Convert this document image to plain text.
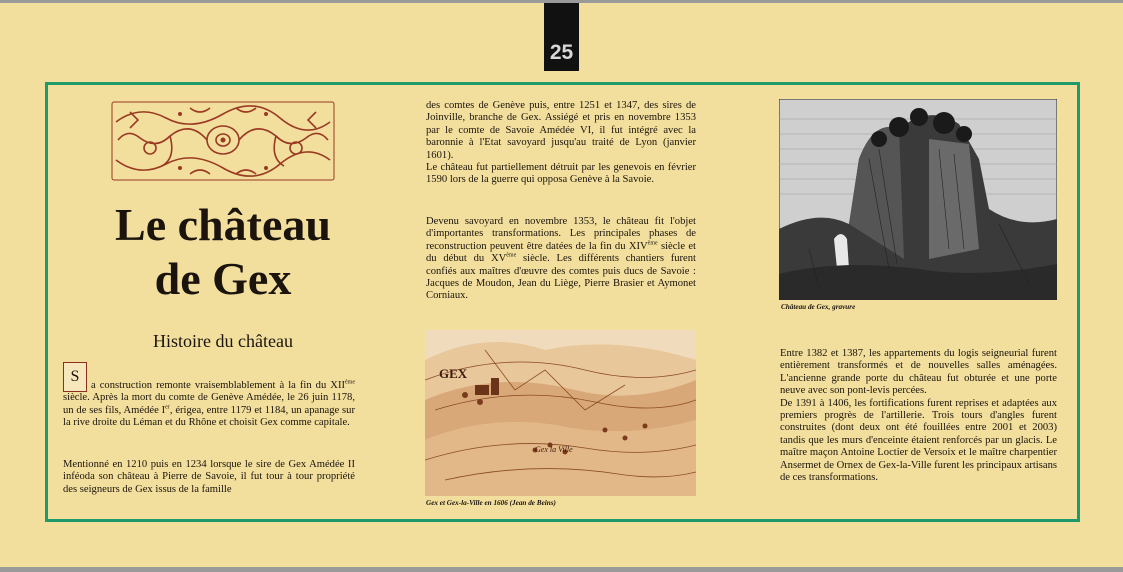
25
Le château
de Gex
Histoire du château
S
a construction remonte vraisemblablement à la fin du XIIème siècle. Après la mort du comte de Genève Amédée, le 26 juin 1178, un de ses fils, Amédée Ier, érigea, entre 1179 et 1184, un apanage sur la rive droite du Léman et du Rhône et choisit Gex comme capitale.

Mentionné en 1210 puis en 1234 lorsque le sire de Gex Amédée II inféoda son château à Pierre de Savoie, il fut tour à tour propriété des seigneurs de Gex issus de la famille

des comtes de Genève puis, entre 1251 et 1347, des sires de Joinville, branche de Gex. Assiégé et pris en novembre 1353 par le comte de Savoie Amédée VI, il fut intégré avec la baronnie à l'Etat savoyard jusqu'au traité de Lyon (janvier 1601).

Le château fut partiellement détruit par les genevois en février 1590 lors de la guerre qui opposa Genève à la Savoie.

Devenu savoyard en novembre 1353, le château fit l'objet d'importantes transformations. Les principales phases de reconstruction peuvent être datées de la fin du XIVème siècle et du début du XVème siècle. Les différents chantiers furent confiés aux maîtres d'œuvre des comtes puis ducs de Savoie : Jacques de Moudon, Jean du Liège, Pierre Brasier et Aymonet Corniaux.

Château de Gex, gravure

GEX
Gex la Ville

Gex et Gex-la-Ville en 1606 (Jean de Beins)

Entre 1382 et 1387, les appartements du logis seigneurial furent entièrement transformés et de nouvelles salles aménagées. L'ancienne grande porte du château fut obturée et une porte neuve avec son pont-levis percées.

De 1391 à 1406, les fortifications furent reprises et adaptées aux premiers progrès de l'artillerie. Trois tours d'angles furent construites (dont deux ont été fouillées entre 2001 et 2003) tandis que les murs d'enceinte étaient renforcés par un glacis. Le maître maçon Antoine Loctier de Versoix et le maître charpentier Ansermet de Ornex de Gex-la-Ville furent les principaux artisans de ces transformations.
